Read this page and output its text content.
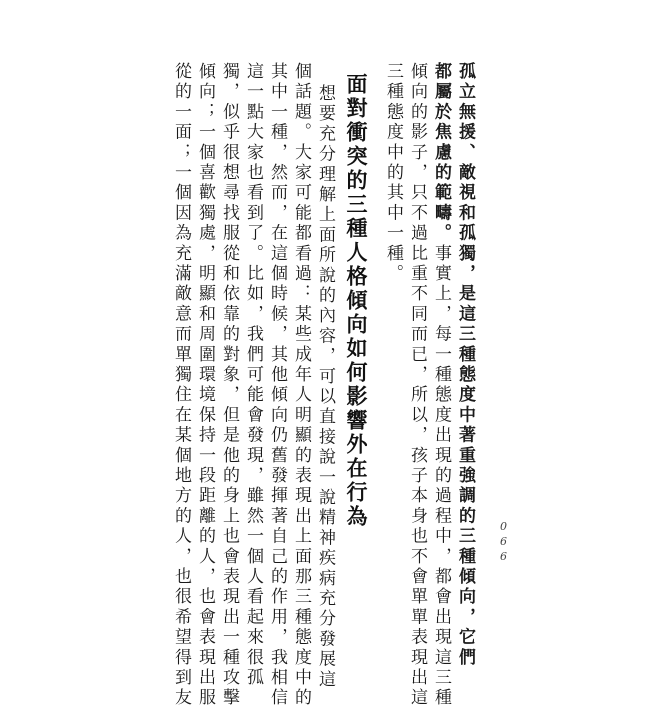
孤立無援、敵視和孤獨，是這三種態度中著重強調的三種傾向，它們
都屬於焦慮的範疇。事實上，每一種態度出現的過程中，都會出現這三種
傾向的影子，只不過比重不同而已，所以，孩子本身也不會單單表現出這
三種態度中的其中一種。
面對衝突的三種人格傾向如何影響外在行為
想要充分理解上面所說的內容，可以直接說一說精神疾病充分發展這
個話題。大家可能都看過：某些成年人明顯的表現出上面那三種態度中的
其中一種，然而，在這個時候，其他傾向仍舊發揮著自己的作用，我相信
這一點大家也看到了。比如，我們可能會發現，雖然一個人看起來很孤
獨，似乎很想尋找服從和依靠的對象，但是他的身上也會表現出一種攻擊
傾向；一個喜歡獨處，明顯和周圍環境保持一段距離的人，也會表現出服
從的一面；一個因為充滿敵意而單獨住在某個地方的人，也很希望得到友	066
